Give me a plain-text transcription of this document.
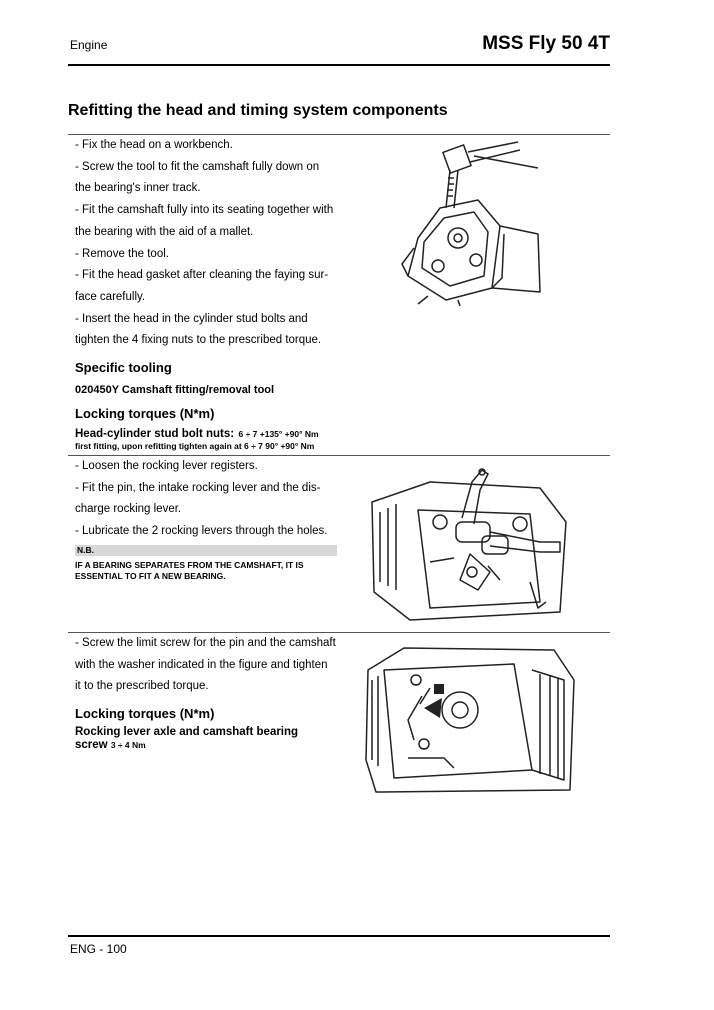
Engine	MSS Fly 50 4T
Refitting the head and timing system components

- Fix the head on a workbench.

- Screw the tool to fit the camshaft fully down on

the bearing's inner track.

- Fit the camshaft fully into its seating together with

the bearing with the aid of a mallet.

- Remove the tool.

- Fit the head gasket after cleaning the faying sur-

face carefully.

- Insert the head in the cylinder stud bolts and

tighten the 4 fixing nuts to the prescribed torque.

Specific tooling
020450Y Camshaft fitting/removal tool
Locking torques (N*m)
Head-cylinder stud bolt nuts: 6 ÷ 7 +135° +90° Nm
first fitting, upon refitting tighten again at 6 ÷ 7 90° +90° Nm

- Loosen the rocking lever registers.

- Fit the pin, the intake rocking lever and the dis-

charge rocking lever.

- Lubricate the 2 rocking levers through the holes.

N.B.
IF A BEARING SEPARATES FROM THE CAMSHAFT, IT IS
ESSENTIAL TO FIT A NEW BEARING.

- Screw the limit screw for the pin and the camshaft

with the washer indicated in the figure and tighten

it to the prescribed torque.

Locking torques (N*m)
Rocking lever axle and camshaft bearing
screw 3 ÷ 4 Nm
ENG - 100
